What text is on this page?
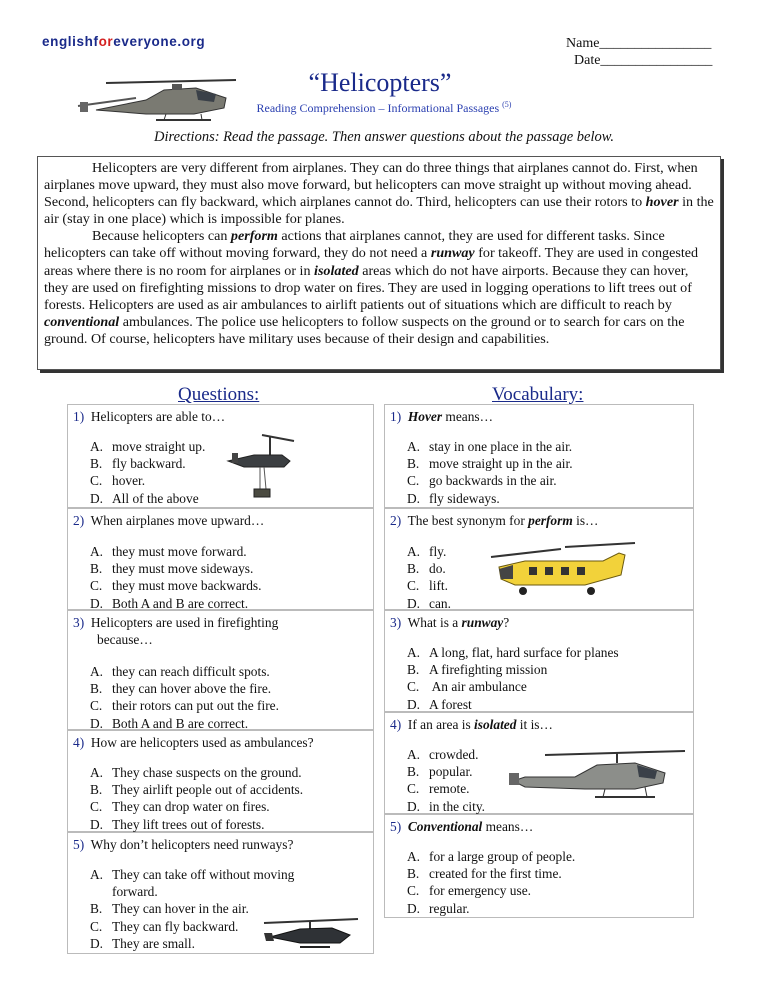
englishforeveryone.org	Name________________
Date________________
“Helicopters”
Reading Comprehension – Informational Passages $^{(5)}$
Directions: Read the passage. Then answer questions about the passage below.

Helicopters are very different from airplanes. They can do three things that airplanes cannot do. First, when airplanes move upward, they must also move forward, but helicopters can move straight up without moving ahead. Second, helicopters can fly backward, which airplanes cannot do. Third, helicopters can use their rotors to hover in the air (stay in one place) which is impossible for planes.

Because helicopters can perform actions that airplanes cannot, they are used for different tasks. Since helicopters can take off without moving forward, they do not need a runway for takeoff. They are used in congested areas where there is no room for airplanes or in isolated areas which do not have airports. Because they can hover, they are used on firefighting missions to drop water on fires. They are used in logging operations to lift trees out of forests. Helicopters are used as air ambulances to airlift patients out of situations which are difficult to reach by conventional ambulances. The police use helicopters to follow suspects on the ground or to search for cars on the ground. Of course, helicopters have military uses because of their design and capabilities.

Questions:	Vocabulary:
1) Helicopters are able to…
A. move straight up.
B. fly backward.
C. hover.
D. All of the above
2) When airplanes move upward…
A. they must move forward.
B. they must move sideways.
C. they must move backwards.
D. Both A and B are correct.
3) Helicopters are used in firefighting
because…
A. they can reach difficult spots.
B. they can hover above the fire.
C. their rotors can put out the fire.
D. Both A and B are correct.
4) How are helicopters used as ambulances?
A. They chase suspects on the ground.
B. They airlift people out of accidents.
C. They can drop water on fires.
D. They lift trees out of forests.
5) Why don’t helicopters need runways?
A. They can take off without moving
forward.
B. They can hover in the air.
C. They can fly backward.
D. They are small.
1) Hover means…
A. stay in one place in the air.
B. move straight up in the air.
C. go backwards in the air.
D. fly sideways.
2) The best synonym for perform is…
A. fly.
B. do.
C. lift.
D. can.
3) What is a runway?
A. A long, flat, hard surface for planes
B. A firefighting mission
C. An air ambulance
D. A forest
4) If an area is isolated it is…
A. crowded.
B. popular.
C. remote.
D. in the city.
5) Conventional means…
A. for a large group of people.
B. created for the first time.
C. for emergency use.
D. regular.
